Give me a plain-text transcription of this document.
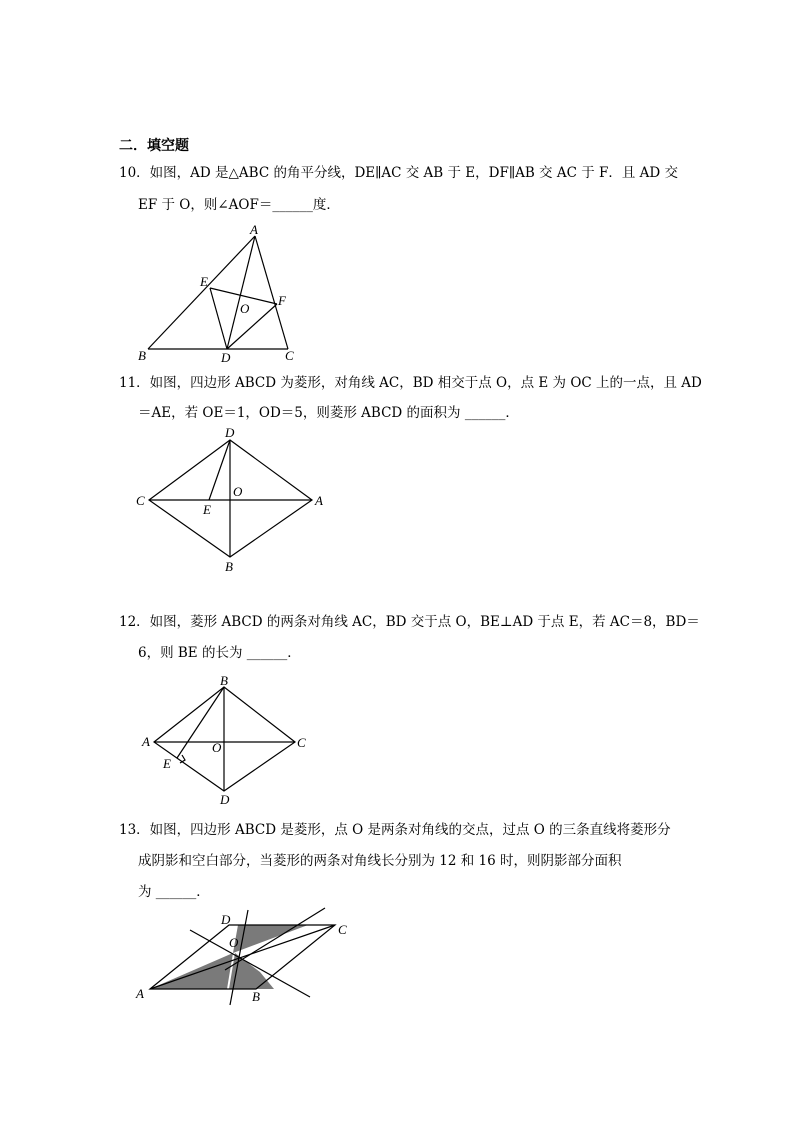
二．填空题
10．如图，AD 是△ABC 的角平分线，DE∥AC 交 AB 于 E，DF∥AB 交 AC 于 F．且 AD 交
EF 于 O，则∠AOF＝______度．
A
B	C
D
E
F
O
11．如图，四边形 ABCD 为菱形，对角线 AC，BD 相交于点 O，点 E 为 OC 上的一点，且 AD
＝AE，若 OE＝1，OD＝5，则菱形 ABCD 的面积为 ______．
D
A
B
C
E
O
12．如图，菱形 ABCD 的两条对角线 AC，BD 交于点 O，BE⊥AD 于点 E，若 AC＝8，BD＝
6，则 BE 的长为 ______．
B
A	C
D
E
O
13．如图，四边形 ABCD 是菱形，点 O 是两条对角线的交点，过点 O 的三条直线将菱形分
成阴影和空白部分，当菱形的两条对角线长分别为 12 和 16 时，则阴影部分面积
为 ______．
D
C
A	B
O
